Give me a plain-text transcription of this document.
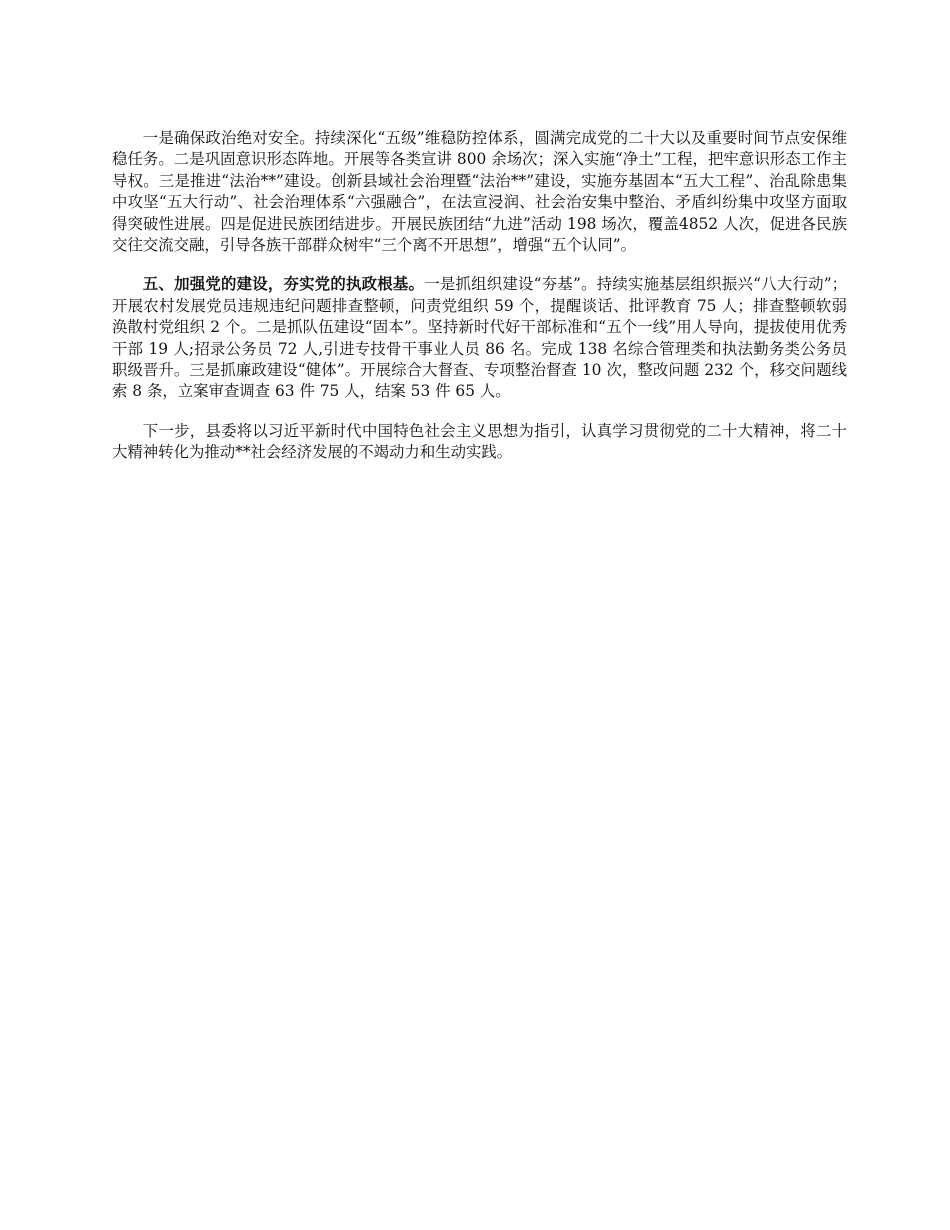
一是确保政治绝对安全。持续深化“五级”维稳防控体系，圆满完成党的二十大以及重要时间节点安保维稳任务。二是巩固意识形态阵地。开展等各类宣讲 800 余场次；深入实施“净土”工程，把牢意识形态工作主导权。三是推进“法治**”建设。创新县域社会治理暨“法治**”建设，实施夯基固本“五大工程”、治乱除患集中攻坚“五大行动”、社会治理体系“六强融合”，在法宣浸润、社会治安集中整治、矛盾纠纷集中攻坚方面取得突破性进展。四是促进民族团结进步。开展民族团结“九进”活动 198 场次，覆盖4852 人次，促进各民族交往交流交融，引导各族干部群众树牢“三个离不开思想”，增强“五个认同”。

五、加强党的建设，夯实党的执政根基。一是抓组织建设“夯基”。持续实施基层组织振兴“八大行动”；开展农村发展党员违规违纪问题排查整顿，问责党组织 59 个，提醒谈话、批评教育 75 人；排查整顿软弱涣散村党组织 2 个。二是抓队伍建设“固本”。坚持新时代好干部标准和“五个一线”用人导向，提拔使用优秀干部 19 人;招录公务员 72 人,引进专技骨干事业人员 86 名。完成 138 名综合管理类和执法勤务类公务员职级晋升。三是抓廉政建设“健体”。开展综合大督查、专项整治督查 10 次，整改问题 232 个，移交问题线索 8 条，立案审查调查 63 件 75 人，结案 53 件 65 人。

下一步，县委将以习近平新时代中国特色社会主义思想为指引，认真学习贯彻党的二十大精神，将二十大精神转化为推动**社会经济发展的不竭动力和生动实践。
